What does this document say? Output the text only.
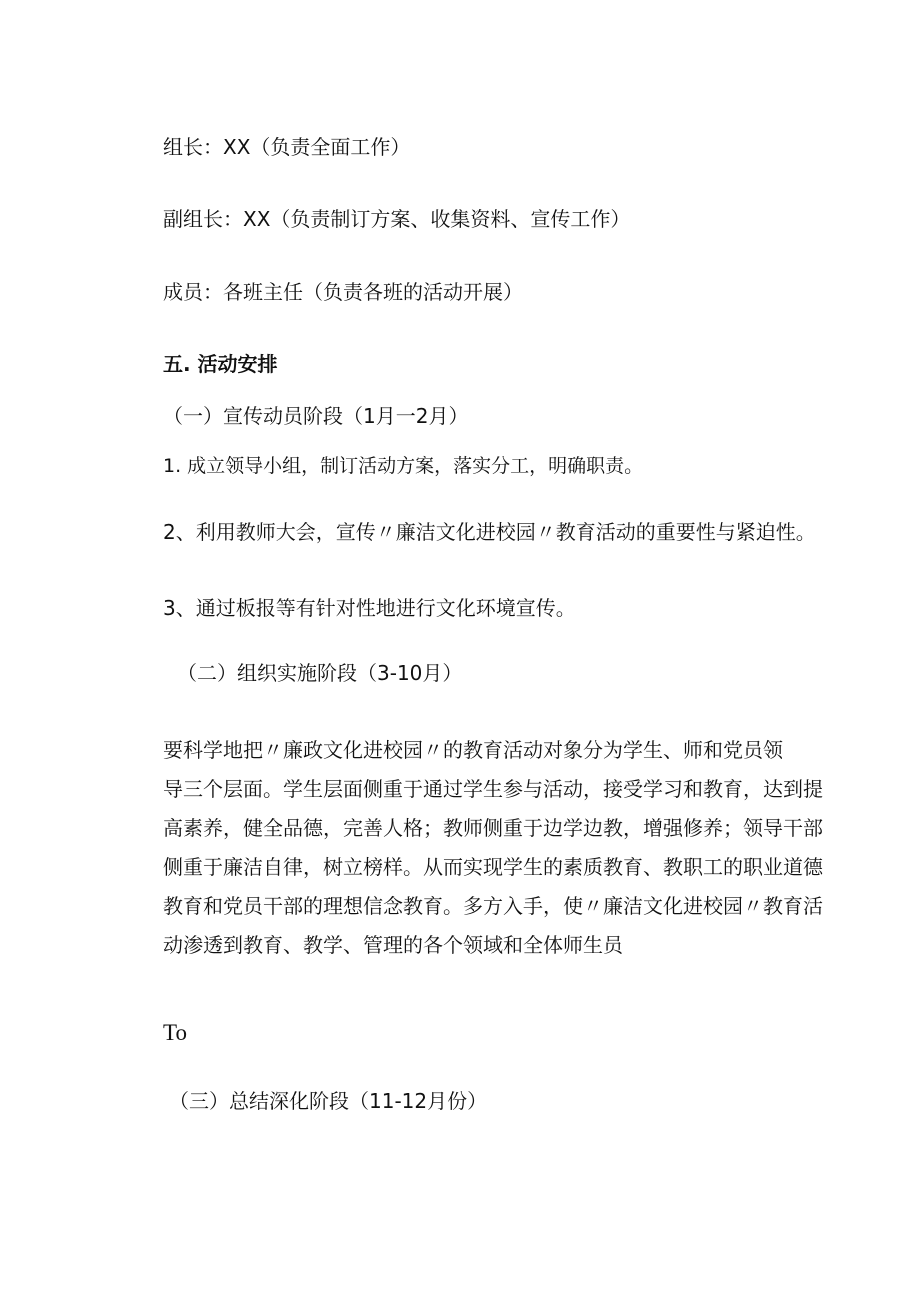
组长：XX（负责全面工作）
副组长：XX（负责制订方案、收集资料、宣传工作）
成员：各班主任（负责各班的活动开展）
五. 活动安排
（一）宣传动员阶段（1月一2月）
1. 成立领导小组，制订活动方案，落实分工，明确职责。
2、利用教师大会，宣传〃廉洁文化进校园〃教育活动的重要性与紧迫性。
3、通过板报等有针对性地进行文化环境宣传。
（二）组织实施阶段（3-10月）
要科学地把〃廉政文化进校园〃的教育活动对象分为学生、师和党员领
导三个层面。学生层面侧重于通过学生参与活动，接受学习和教育，达到提
高素养，健全品德，完善人格；教师侧重于边学边教，增强修养；领导干部
侧重于廉洁自律，树立榜样。从而实现学生的素质教育、教职工的职业道德
教育和党员干部的理想信念教育。多方入手，使〃廉洁文化进校园〃教育活
动渗透到教育、教学、管理的各个领域和全体师生员
To
（三）总结深化阶段（11-12月份）
